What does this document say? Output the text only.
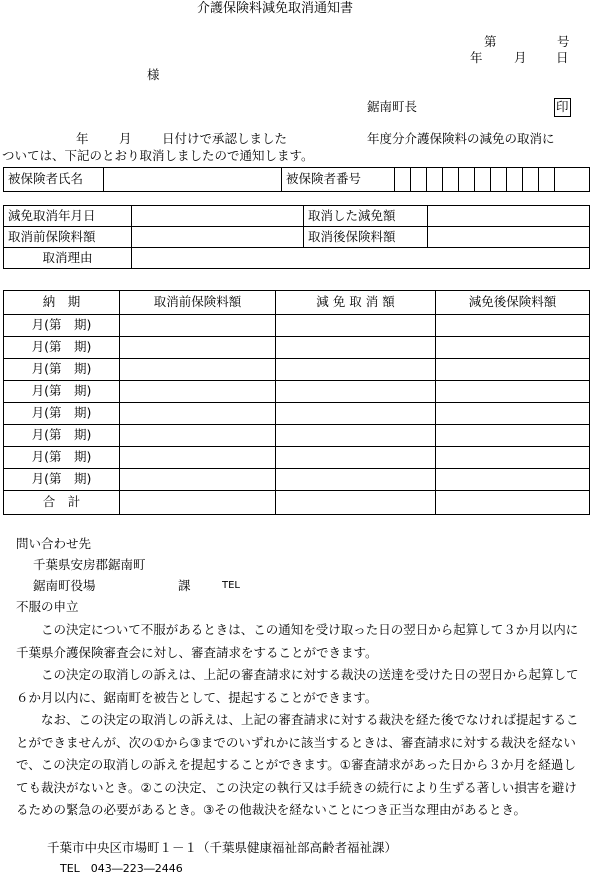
介護保険料減免取消通知書
第	号
年	月 日
様
鋸南町長	印
年 月 日付けで承認しました	年度分介護保険料の減免の取消に
ついては、下記のとおり取消しましたので通知します。
被保険者氏名		被保険者番号											
減免取消年月日		取消した減免額	
取消前保険料額		取消後保険料額	
取消理由			
納　期	取消前保険料額	減 免 取 消 額	減免後保険料額
月(第　期)			
月(第　期)			
月(第　期)			
月(第　期)			
月(第　期)			
月(第　期)			
月(第　期)			
月(第　期)			
合　計			
問い合わせ先
千葉県安房郡鋸南町
鋸南町役場	課	TEL
不服の申立
この決定について不服があるときは、この通知を受け取った日の翌日から起算して３か月以内に千葉県介護保険審査会に対し、審査請求をすることができます。
この決定の取消しの訴えは、上記の審査請求に対する裁決の送達を受けた日の翌日から起算して６か月以内に、鋸南町を被告として、提起することができます。
なお、この決定の取消しの訴えは、上記の審査請求に対する裁決を経た後でなければ提起することができませんが、次の①から③までのいずれかに該当するときは、審査請求に対する裁決を経ないで、この決定の取消しの訴えを提起することができます。①審査請求があった日から３か月を経過しても裁決がないとき。②この決定、この決定の執行又は手続きの続行により生ずる著しい損害を避けるための緊急の必要があるとき。③その他裁決を経ないことにつき正当な理由があるとき。
千葉市中央区市場町１－１（千葉県健康福祉部高齢者福祉課）
TEL　043―223―2446
